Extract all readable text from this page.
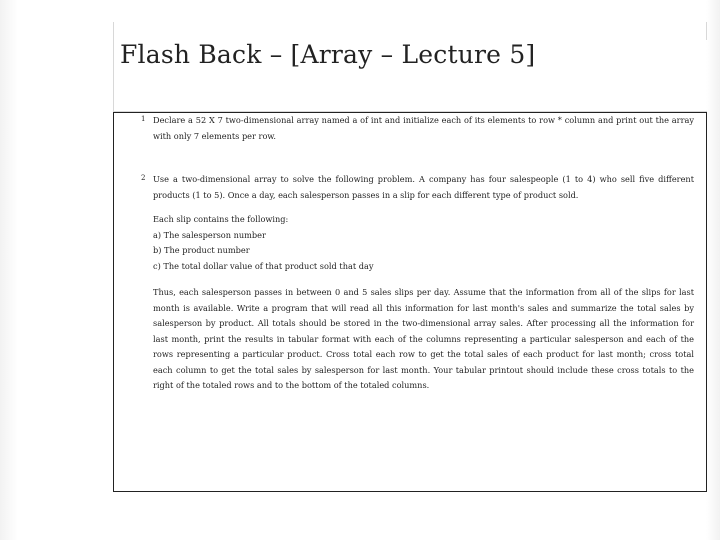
Flash Back – [Array – Lecture 5]
1 Declare a 52 X 7 two-dimensional array named a of int and initialize each of its elements to row * column and print out the array with only 7 elements per row.
2 Use a two-dimensional array to solve the following problem. A company has four salespeople (1 to 4) who sell five different products (1 to 5). Once a day, each salesperson passes in a slip for each different type of product sold.
Each slip contains the following:
a) The salesperson number
b) The product number
c) The total dollar value of that product sold that day
Thus, each salesperson passes in between 0 and 5 sales slips per day. Assume that the information from all of the slips for last month is available. Write a program that will read all this information for last month's sales and summarize the total sales by salesperson by product. All totals should be stored in the two-dimensional array sales. After processing all the information for last month, print the results in tabular format with each of the columns representing a particular salesperson and each of the rows representing a particular product. Cross total each row to get the total sales of each product for last month; cross total each column to get the total sales by salesperson for last month. Your tabular printout should include these cross totals to the right of the totaled rows and to the bottom of the totaled columns.
